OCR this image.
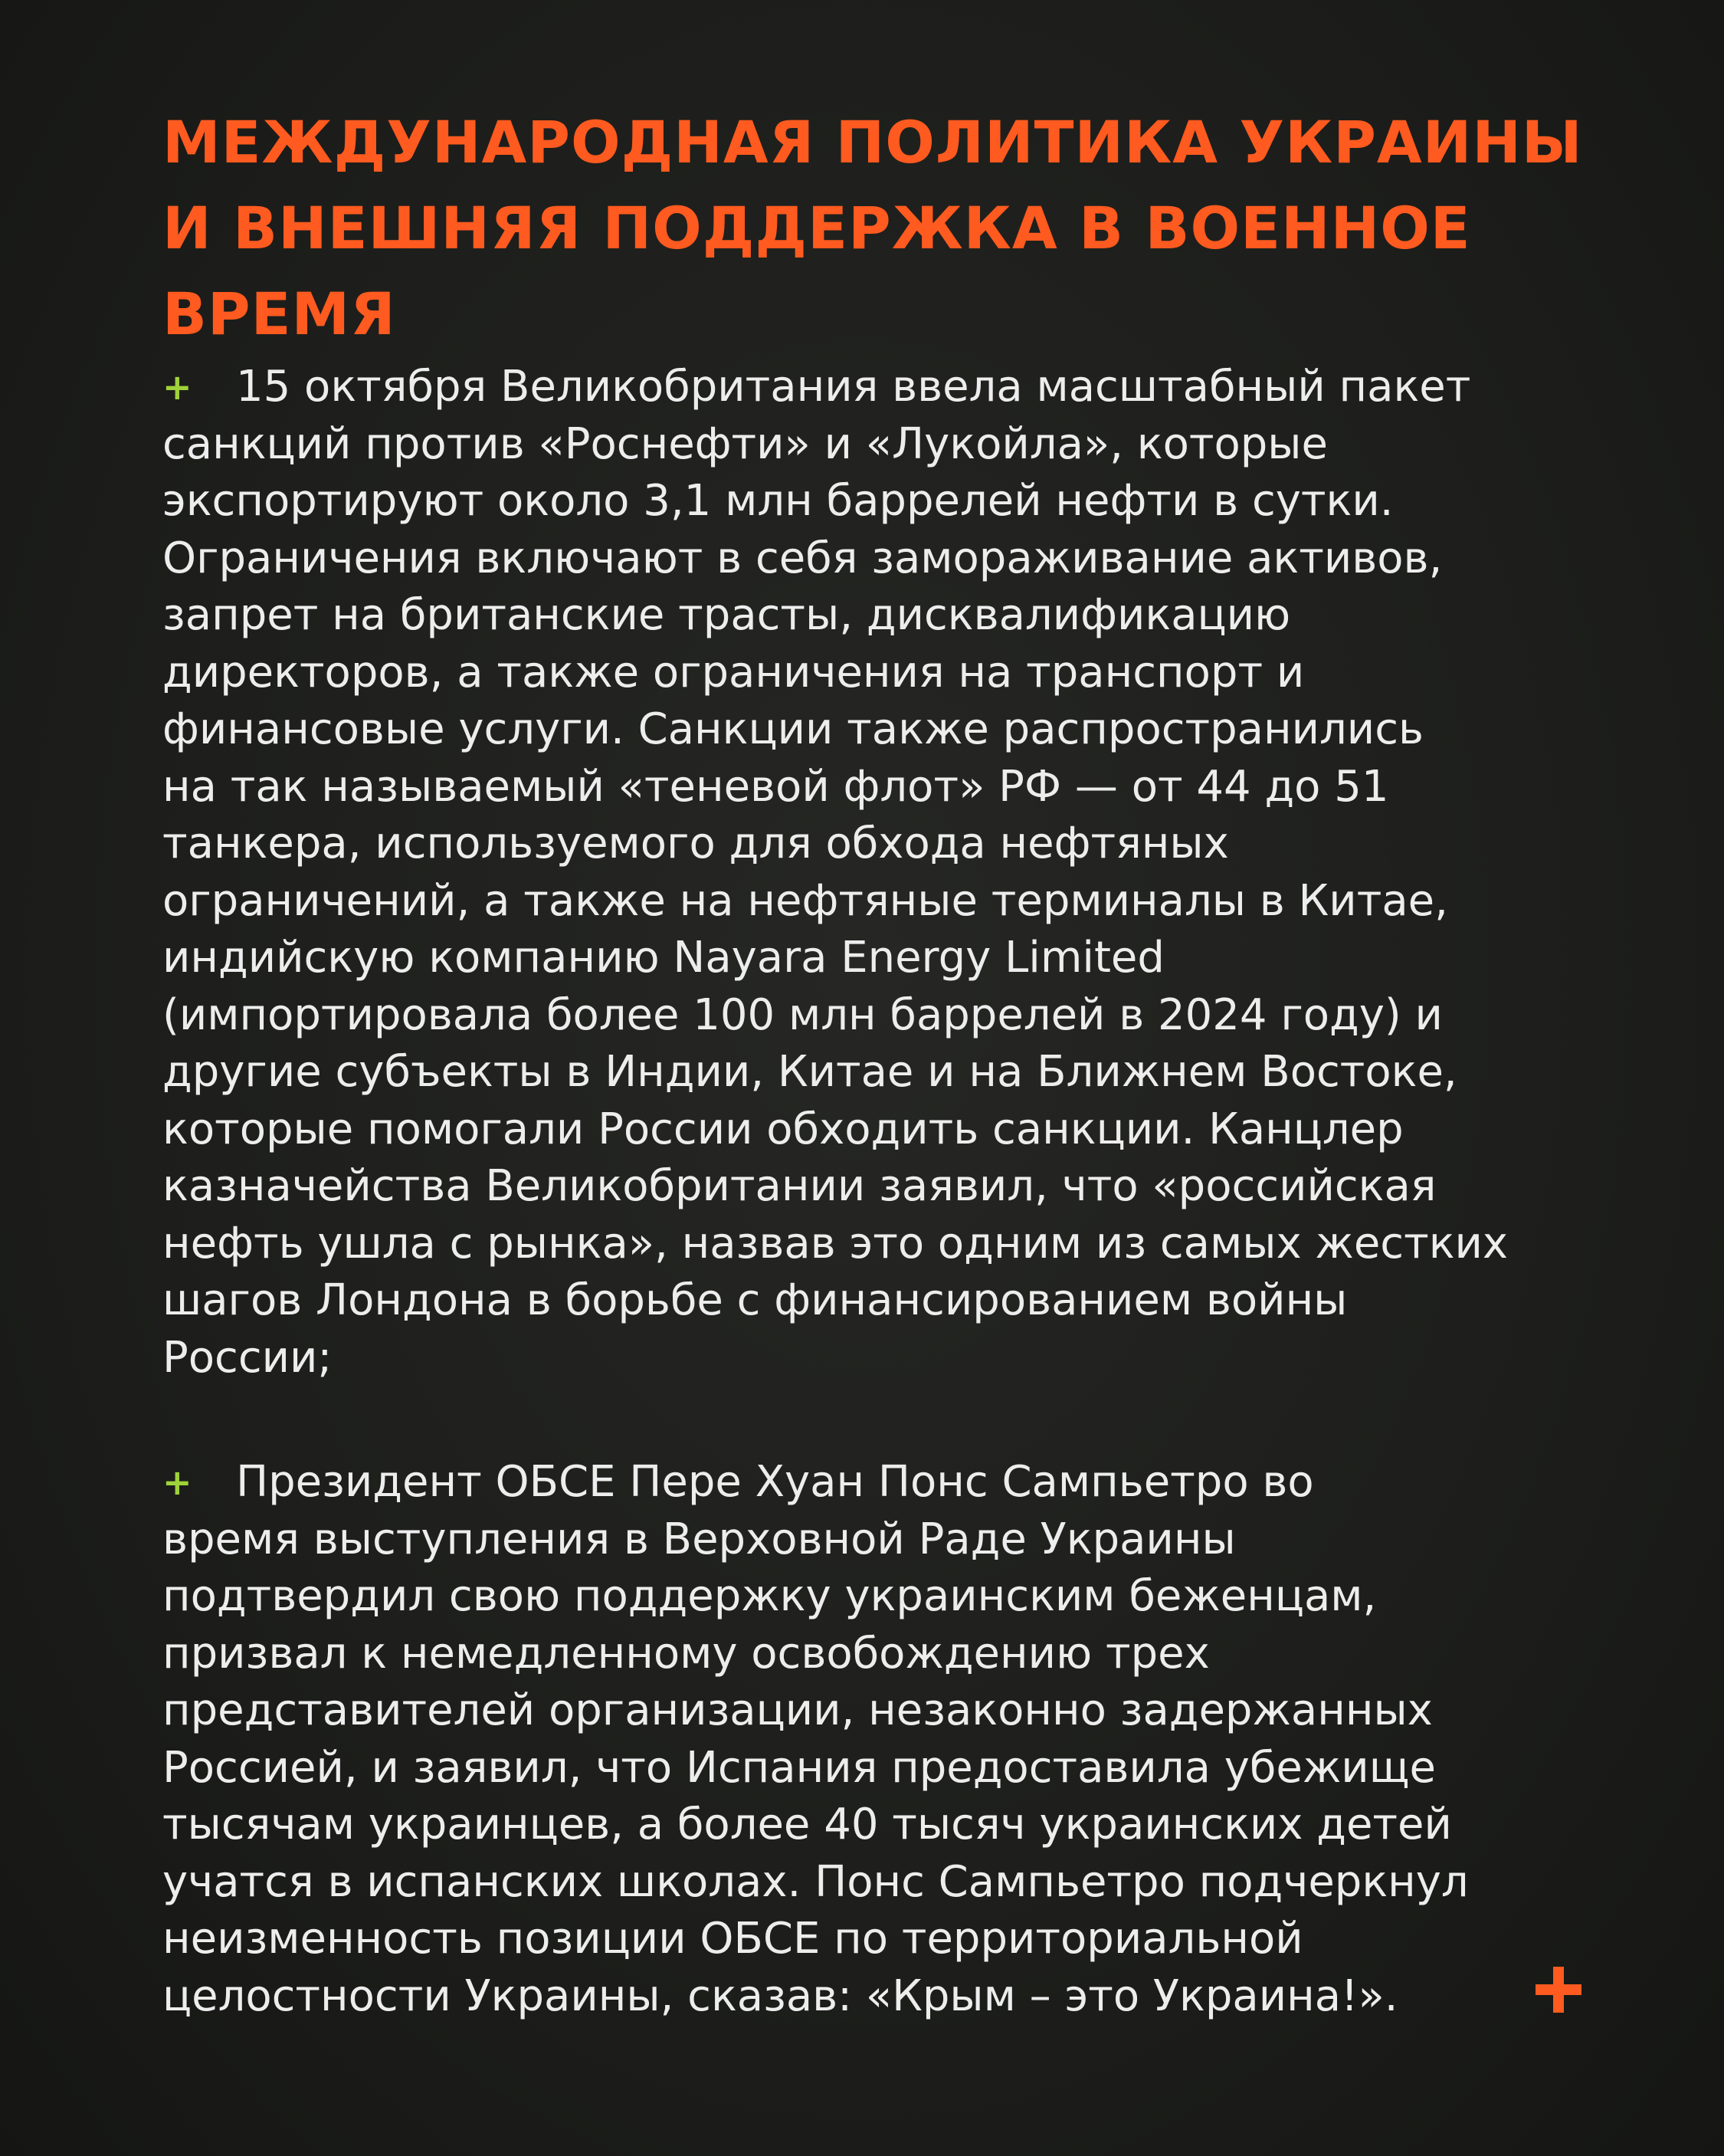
МЕЖДУНАРОДНАЯ ПОЛИТИКА УКРАИНЫ
И ВНЕШНЯЯ ПОДДЕРЖКА В ВОЕННОЕ
ВРЕМЯ
+ 15 октября Великобритания ввела масштабный пакет
санкций против «Роснефти» и «Лукойла», которые
экспортируют около 3,1 млн баррелей нефти в сутки.
Ограничения включают в себя замораживание активов,
запрет на британские трасты, дисквалификацию
директоров, а также ограничения на транспорт и
финансовые услуги. Санкции также распространились
на так называемый «теневой флот» РФ — от 44 до 51
танкера, используемого для обхода нефтяных
ограничений, а также на нефтяные терминалы в Китае,
индийскую компанию Nayara Energy Limited
(импортировала более 100 млн баррелей в 2024 году) и
другие субъекты в Индии, Китае и на Ближнем Востоке,
которые помогали России обходить санкции. Канцлер
казначейства Великобритании заявил, что «российская
нефть ушла с рынка», назвав это одним из самых жестких
шагов Лондона в борьбе с финансированием войны
России;
+ Президент ОБСЕ Пере Хуан Понс Сампьетро во
время выступления в Верховной Раде Украины
подтвердил свою поддержку украинским беженцам,
призвал к немедленному освобождению трех
представителей организации, незаконно задержанных
Россией, и заявил, что Испания предоставила убежище
тысячам украинцев, а более 40 тысяч украинских детей
учатся в испанских школах. Понс Сампьетро подчеркнул
неизменность позиции ОБСЕ по территориальной
целостности Украины, сказав: «Крым – это Украина!».
